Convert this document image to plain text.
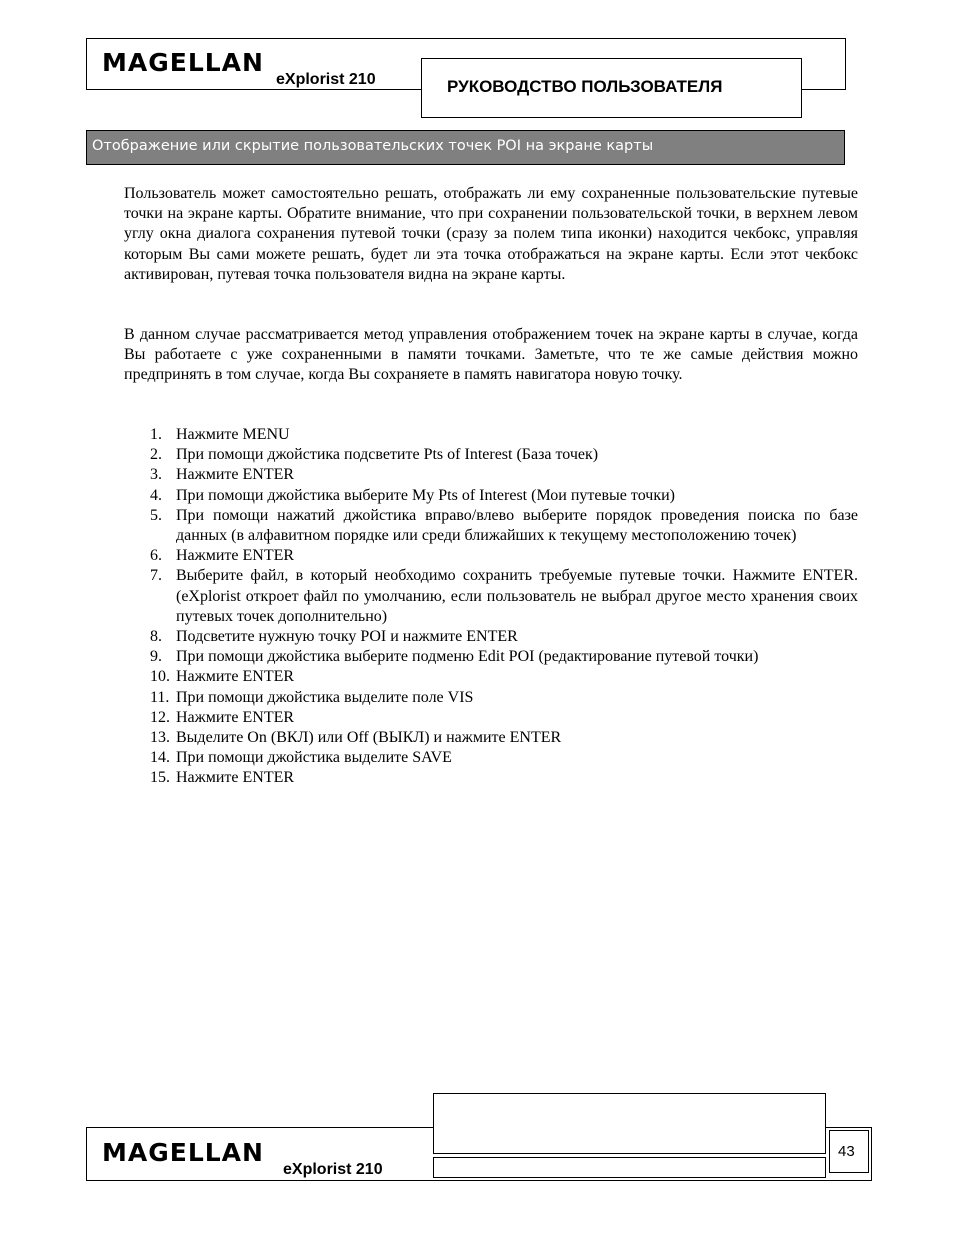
MAGELLAN
eXplorist 210	РУКОВОДСТВО ПОЛЬЗОВАТЕЛЯ
Отображение или скрытие пользовательских точек POI на экране карты

Пользователь может самостоятельно решать, отображать ли ему сохраненные пользовательские путевые точки на экране карты. Обратите внимание, что при сохранении пользовательской точки, в верхнем левом углу окна диалога сохранения путевой точки (сразу за полем типа иконки) находится чекбокс, управляя которым Вы сами можете решать, будет ли эта точка отображаться на экране карты. Если этот чекбокс активирован, путевая точка пользователя видна на экране карты.

В данном случае рассматривается метод управления отображением точек на экране карты в случае, когда Вы работаете с уже сохраненными в памяти точками. Заметьте, что те же самые действия можно предпринять в том случае, когда Вы сохраняете в память навигатора новую точку.

1. Нажмите MENU
2. При помощи джойстика подсветите Pts of Interest (База точек)
3. Нажмите ENTER
4. При помощи джойстика выберите My Pts of Interest (Мои путевые точки)
5. При помощи нажатий джойстика вправо/влево выберите порядок проведения поиска по базе данных (в алфавитном порядке или среди ближайших к текущему местоположению точек)
6. Нажмите ENTER
7. Выберите файл, в который необходимо сохранить требуемые путевые точки. Нажмите ENTER. (eXplorist откроет файл по умолчанию, если пользователь не выбрал другое место хранения своих путевых точек дополнительно)
8. Подсветите нужную точку POI и нажмите ENTER
9. При помощи джойстика выберите подменю Edit POI (редактирование путевой точки)
10. Нажмите ENTER
11. При помощи джойстика выделите поле VIS
12. Нажмите ENTER
13. Выделите On (ВКЛ) или Off (ВЫКЛ) и нажмите ENTER
14. При помощи джойстика выделите SAVE
15. Нажмите ENTER
MAGELLAN
eXplorist 210
43
